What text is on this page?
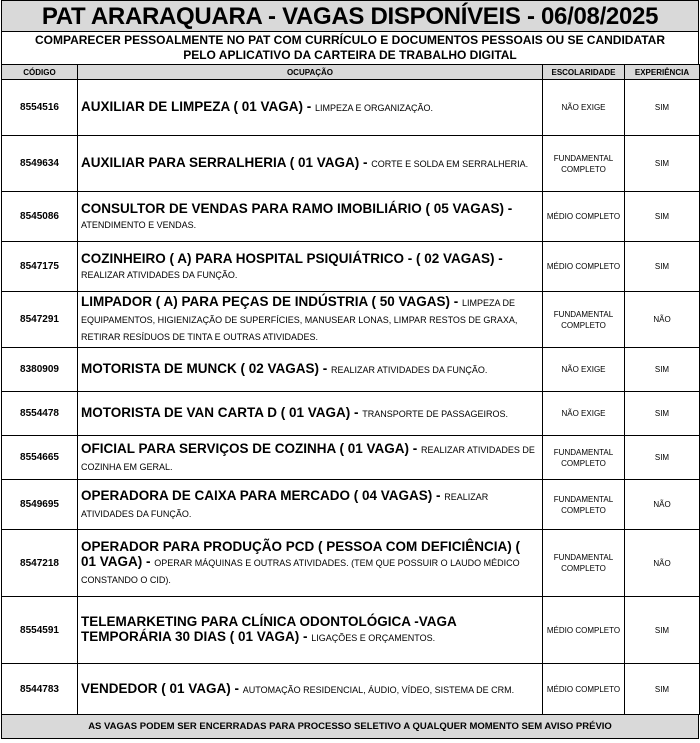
PAT ARARAQUARA - VAGAS DISPONÍVEIS - 06/08/2025
COMPARECER PESSOALMENTE NO PAT COM CURRÍCULO E DOCUMENTOS PESSOAIS OU SE CANDIDATAR
PELO APLICATIVO DA CARTEIRA DE TRABALHO DIGITAL
CÓDIGO	OCUPAÇÃO	ESCOLARIDADE	EXPERIÊNCIA
8554516	AUXILIAR DE LIMPEZA ( 01 VAGA) - LIMPEZA E ORGANIZAÇÃO.	NÃO EXIGE	SIM
8549634	AUXILIAR PARA SERRALHERIA ( 01 VAGA) - CORTE E SOLDA EM SERRALHERIA.	FUNDAMENTAL COMPLETO	SIM
8545086	CONSULTOR DE VENDAS PARA RAMO IMOBILIÁRIO ( 05 VAGAS) - ATENDIMENTO E VENDAS.	MÉDIO COMPLETO	SIM
8547175	COZINHEIRO ( A) PARA HOSPITAL PSIQUIÁTRICO - ( 02 VAGAS) - REALIZAR ATIVIDADES DA FUNÇÃO.	MÉDIO COMPLETO	SIM
8547291	LIMPADOR ( A) PARA PEÇAS DE INDÚSTRIA ( 50 VAGAS) - LIMPEZA DE EQUIPAMENTOS, HIGIENIZAÇÃO DE SUPERFÍCIES, MANUSEAR LONAS, LIMPAR RESTOS DE GRAXA, RETIRAR RESÍDUOS DE TINTA E OUTRAS ATIVIDADES.	FUNDAMENTAL COMPLETO	NÃO
8380909	MOTORISTA DE MUNCK ( 02 VAGAS) - REALIZAR ATIVIDADES DA FUNÇÃO.	NÃO EXIGE	SIM
8554478	MOTORISTA DE VAN CARTA D ( 01 VAGA) - TRANSPORTE DE PASSAGEIROS.	NÃO EXIGE	SIM
8554665	OFICIAL PARA SERVIÇOS DE COZINHA ( 01 VAGA) - REALIZAR ATIVIDADES DE COZINHA EM GERAL.	FUNDAMENTAL COMPLETO	SIM
8549695	OPERADORA DE CAIXA PARA MERCADO ( 04 VAGAS) - REALIZAR ATIVIDADES DA FUNÇÃO.	FUNDAMENTAL COMPLETO	NÃO
8547218	OPERADOR PARA PRODUÇÃO PCD ( PESSOA COM DEFICIÊNCIA) ( 01 VAGA) - OPERAR MÁQUINAS E OUTRAS ATIVIDADES. (TEM QUE POSSUIR O LAUDO MÉDICO CONSTANDO O CID).	FUNDAMENTAL COMPLETO	NÃO
8554591	TELEMARKETING PARA CLÍNICA ODONTOLÓGICA -VAGA TEMPORÁRIA 30 DIAS ( 01 VAGA) - LIGAÇÕES E ORÇAMENTOS.	MÉDIO COMPLETO	SIM
8544783	VENDEDOR ( 01 VAGA) - AUTOMAÇÃO RESIDENCIAL, ÁUDIO, VÍDEO, SISTEMA DE CRM.	MÉDIO COMPLETO	SIM
AS VAGAS PODEM SER ENCERRADAS PARA PROCESSO SELETIVO A QUALQUER MOMENTO SEM AVISO PRÉVIO
